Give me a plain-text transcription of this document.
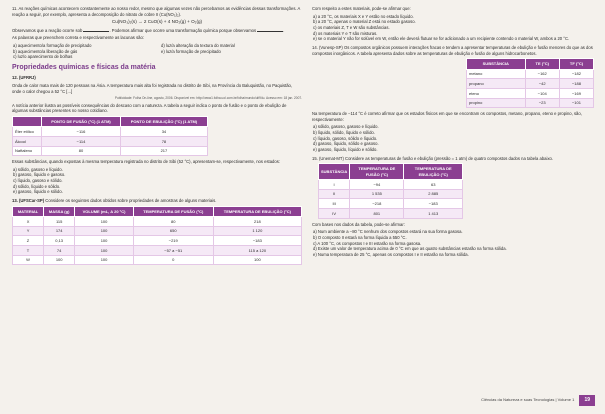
11. As reações químicas acontecem constantemente ao nosso redor, mesmo que algumas vezes não percebamos as evidências dessas transformações. A reação a seguir, por exemplo, apresenta a decomposição do nitrato de cobre II (Cu(NO₃)₂).

Cu(NO₃)₂(s) → 2 CuO(s) + 4 NO₂(g) + O₂(g)

Observamos que a reação ocorre sob	. Podemos afirmar que ocorre uma transformação química porque observamos	.

As palavras que preenchem correta e respectivamente as lacunas são:

a) aquecimento/a formação de precipitado

b) aquecimento/a liberação de gás

c) luz/o aparecimento de bolhas

d) luz/a alteração da textura do material

e) luz/a formação de precipitado

Propriedades químicas e físicas da matéria

12. (UFRRJ)

Onda de calor mata mais de 120 pessoas na Ásia. A temperatura mais alta foi registrada no distrito de Sibi, na Província do Baluquistão, no Paquistão, onde o calor chegou a 52 °C [...]

Publicidade: Folha On-line, agosto, 2006. Disponível em: http://www1.folha.uol.com.br/folha/mundo/ult94u. Acesso em: 18 jan. 2007.

A notícia anterior ilustra as possíveis consequências do descaso com a natureza. A tabela a seguir indica o ponto de fusão e o ponto de ebulição de algumas substâncias presentes no nosso cotidiano.

	PONTO DE FUSÃO (°C) (1 ATM)	PONTO DE EBULIÇÃO (°C) (1 ATM)
Éter etílico	−116	34
Álcool	−114	78
Naftaleno	80	217

Essas substâncias, quando expostas à mesma temperatura registrada no distrito de Sibi (52 °C), apresentam-se, respectivamente, nos estados:

a) sólido, gasoso e líquido.

b) gasoso, líquido e gasoso.

c) líquido, gasoso e sólido.

d) sólido, líquido e sólido.

e) gasoso, líquido e sólido.

13. (UFSCar-SP) Considere os seguintes dados obtidos sobre propriedades de amostras de alguns materiais.

MATERIAL	MASSA (g)	VOLUME (mL, A 20 °C)	TEMPERATURA DE FUSÃO (°C)	TEMPERATURA DE EBULIÇÃO (°C)
X	115	100	80	218
Y	174	100	650	1 120
Z	0,13	100	−219	−183
T	74	100	−57 a −51	115 a 120
W	100	100	0	100

Com respeito a estes materiais, pode-se afirmar que:

a) a 20 °C, os materiais X e Y estão no estado líquido.

b) a 20 °C, apenas o material Z está no estado gasoso.

c) os materiais Z, T e W são substâncias.

d) os materiais Y e T são misturas.

e) se o material Y não for solúvel em W, então ele deverá flutuar se for adicionado a um recipiente contendo o material W, ambos a 20 °C.

14. (Vunesp-SP) Os compostos orgânicos possuem interações fracas e tendem a apresentar temperaturas de ebulição e fusão menores do que as dos compostos inorgânicos. A tabela apresenta dados sobre as temperaturas de ebulição e fusão de alguns hidrocarbonetos.

SUBSTÂNCIA	TE (°C)	TF (°C)
metano	−162	−182
propano	−42	−188
eteno	−104	−169
propino	−23	−101

Na temperatura de −114 °C é correto afirmar que os estados físicos em que se encontram os compostos, metano, propano, eteno e propino, são, respectivamente:

a) sólido, gasoso, gasoso e líquido.

b) líquido, sólido, líquido e sólido.

c) líquido, gasoso, sólido e líquido.

d) gasoso, líquido, sólido e gasoso.

e) gasoso, líquido, líquido e sólido.

15. (Unemat-MT) Considere as temperaturas de fusão e ebulição (pressão = 1 atm) de quatro compostos dados na tabela abaixo.

SUBSTÂNCIA	TEMPERATURA DE FUSÃO (°C)	TEMPERATURA DE EBULIÇÃO (°C)
I	−94	63
II	1 535	2 885
III	−218	−183
IV	801	1 413

Com bases nos dados da tabela, pode-se afirmar:

a) Num ambiente a −80 °C nenhum dos compostos estará na sua forma gasosa.

b) O composto II estará na forma líquida a 550 °C.

c) A 100 °C, os compostos I e III estarão na forma gasosa.

d) Existe um valor de temperatura acima de 0 °C em que as quatro substâncias estarão na forma sólida.

e) Numa temperatura de 25 °C, apenas os compostos I e II estarão na forma sólida.

Ciências da Natureza e suas Tecnologias | Volume 1 19
